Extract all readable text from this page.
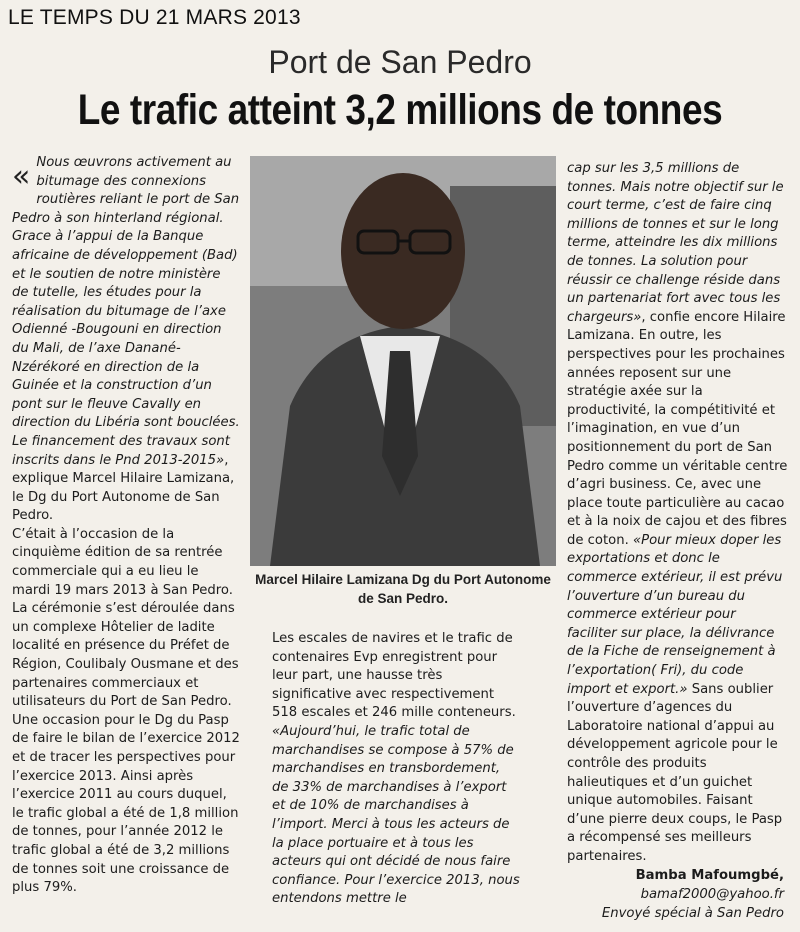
LE TEMPS DU 21 MARS 2013
Port de San Pedro
Le trafic atteint 3,2 millions de tonnes
« Nous œuvrons activement au bitumage des connexions routières reliant le port de San Pedro à son hinterland régional. Grace à l’appui de la Banque africaine de développement (Bad) et le soutien de notre ministère de tutelle, les études pour la réalisation du bitumage de l’axe Odienné -Bougouni en direction du Mali, de l’axe Danané-Nzérékoré en direction de la Guinée et la construction d’un pont sur le fleuve Cavally en direction du Libéria sont bouclées. Le financement des travaux sont inscrits dans le Pnd 2013-2015», explique Marcel Hilaire Lamizana, le Dg du Port Autonome de San Pedro.

C’était à l’occasion de la cinquième édition de sa rentrée commerciale qui a eu lieu le mardi 19 mars 2013 à San Pedro. La cérémonie s’est déroulée dans un complexe Hôtelier de ladite localité en présence du Préfet de Région, Coulibaly Ousmane et des partenaires commerciaux et utilisateurs du Port de San Pedro. Une occasion pour le Dg du Pasp de faire le bilan de l’exercice 2012 et de tracer les perspectives pour l’exercice 2013. Ainsi après l’exercice 2011 au cours duquel, le trafic global a été de 1,8 million de tonnes, pour l’année 2012 le trafic global a été de 3,2 millions de tonnes soit une croissance de plus 79%.

Marcel Hilaire Lamizana Dg du Port Autonome de San Pedro.

Les escales de navires et le trafic de contenaires Evp enregistrent pour leur part, une hausse très significative avec respectivement 518 escales et 246 mille conteneurs. «Aujourd’hui, le trafic total de marchandises se compose à 57% de marchandises en transbordement, de 33% de marchandises à l’export et de 10% de marchandises à l’import. Merci à tous les acteurs de la place portuaire et à tous les acteurs qui ont décidé de nous faire confiance. Pour l’exercice 2013, nous entendons mettre le

cap sur les 3,5 millions de tonnes. Mais notre objectif sur le court terme, c’est de faire cinq millions de tonnes et sur le long terme, atteindre les dix millions de tonnes. La solution pour réussir ce challenge réside dans un partenariat fort avec tous les chargeurs», confie encore Hilaire Lamizana. En outre, les perspectives pour les prochaines années reposent sur une stratégie axée sur la productivité, la compétitivité et l’imagination, en vue d’un positionnement du port de San Pedro comme un véritable centre d’agri business. Ce, avec une place toute particulière au cacao et à la noix de cajou et des fibres de coton. «Pour mieux doper les exportations et donc le commerce extérieur, il est prévu l’ouverture d’un bureau du commerce extérieur pour faciliter sur place, la délivrance de la Fiche de renseignement à l’exportation( Fri), du code import et export.» Sans oublier l’ouverture d’agences du Laboratoire national d’appui au développement agricole pour le contrôle des produits halieutiques et d’un guichet unique automobiles. Faisant d’une pierre deux coups, le Pasp a récompensé ses meilleurs partenaires.

Bamba Mafoumgbé,
bamaf2000@yahoo.fr
Envoyé spécial à San Pedro
